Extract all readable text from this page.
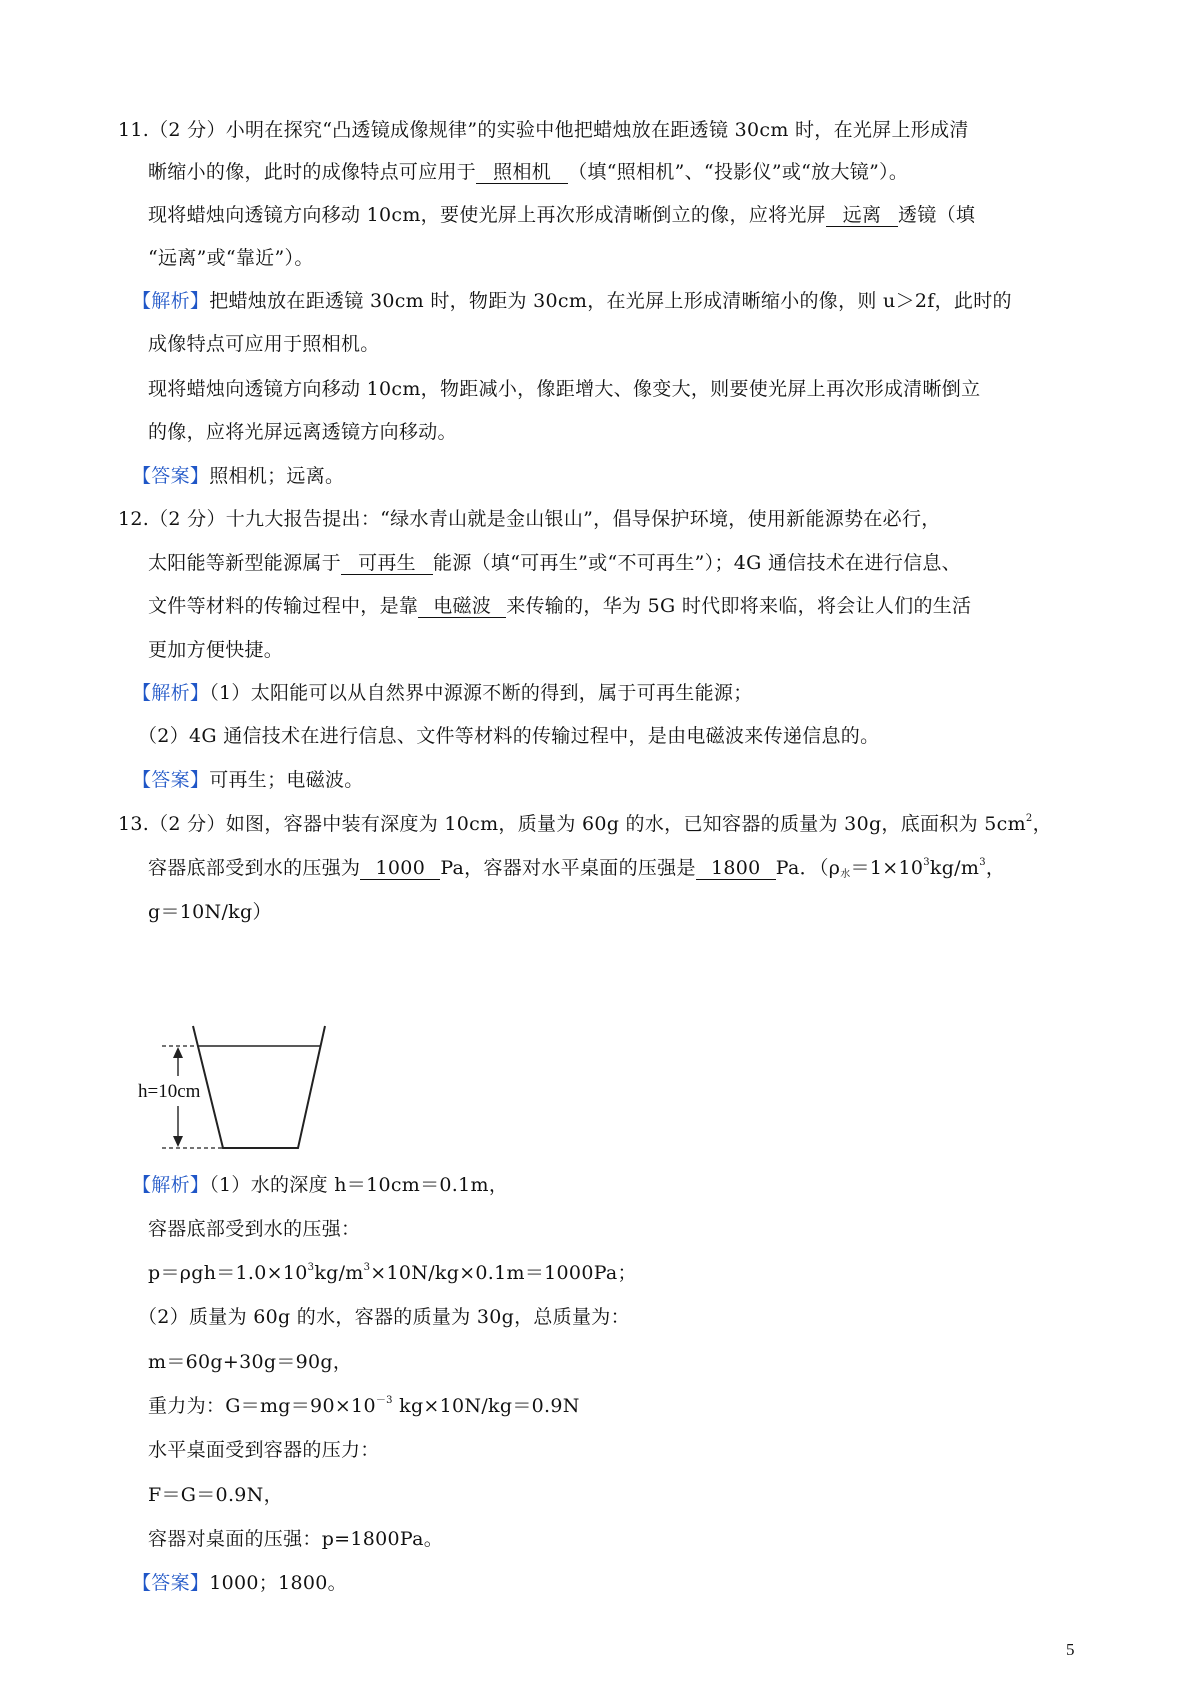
11.（2 分）小明在探究“凸透镜成像规律”的实验中他把蜡烛放在距透镜 30cm 时，在光屏上形成清
晰缩小的像，此时的成像特点可应用于 照相机 （填“照相机”、“投影仪”或“放大镜”）。
现将蜡烛向透镜方向移动 10cm，要使光屏上再次形成清晰倒立的像，应将光屏 远离 透镜（填
“远离”或“靠近”）。
【解析】把蜡烛放在距透镜 30cm 时，物距为 30cm，在光屏上形成清晰缩小的像，则 u＞2f，此时的
成像特点可应用于照相机。
现将蜡烛向透镜方向移动 10cm，物距减小，像距增大、像变大，则要使光屏上再次形成清晰倒立
的像，应将光屏远离透镜方向移动。
【答案】照相机；远离。
12.（2 分）十九大报告提出：“绿水青山就是金山银山”，倡导保护环境，使用新能源势在必行，
太阳能等新型能源属于 可再生 能源（填“可再生”或“不可再生”）；4G 通信技术在进行信息、
文件等材料的传输过程中，是靠 电磁波 来传输的，华为 5G 时代即将来临，将会让人们的生活
更加方便快捷。
【解析】（1）太阳能可以从自然界中源源不断的得到，属于可再生能源；
（2）4G 通信技术在进行信息、文件等材料的传输过程中，是由电磁波来传递信息的。
【答案】可再生；电磁波。
13.（2 分）如图，容器中装有深度为 10cm，质量为 60g 的水，已知容器的质量为 30g，底面积为 $5cm^2$，
容器底部受到水的压强为 1000 Pa，容器对水平桌面的压强是 1800 Pa．（$\rho_水=1\times 10^3kg/m^3$，
g＝10N/kg）
h=10cm
【解析】（1）水的深度 h＝10cm＝0.1m，
容器底部受到水的压强：
$p=\rho gh=1.0\times 10^3kg/m^3\times 10N/kg\times 0.1m=1000Pa$；
（2）质量为 60g 的水，容器的质量为 30g，总质量为：
m＝60g+30g＝90g，
重力为：$G=mg=90\times 10^{-3}$ kg×10N/kg＝0.9N
水平桌面受到容器的压力：
F＝G＝0.9N，
容器对桌面的压强：p=1800Pa。
【答案】1000；1800。
5
